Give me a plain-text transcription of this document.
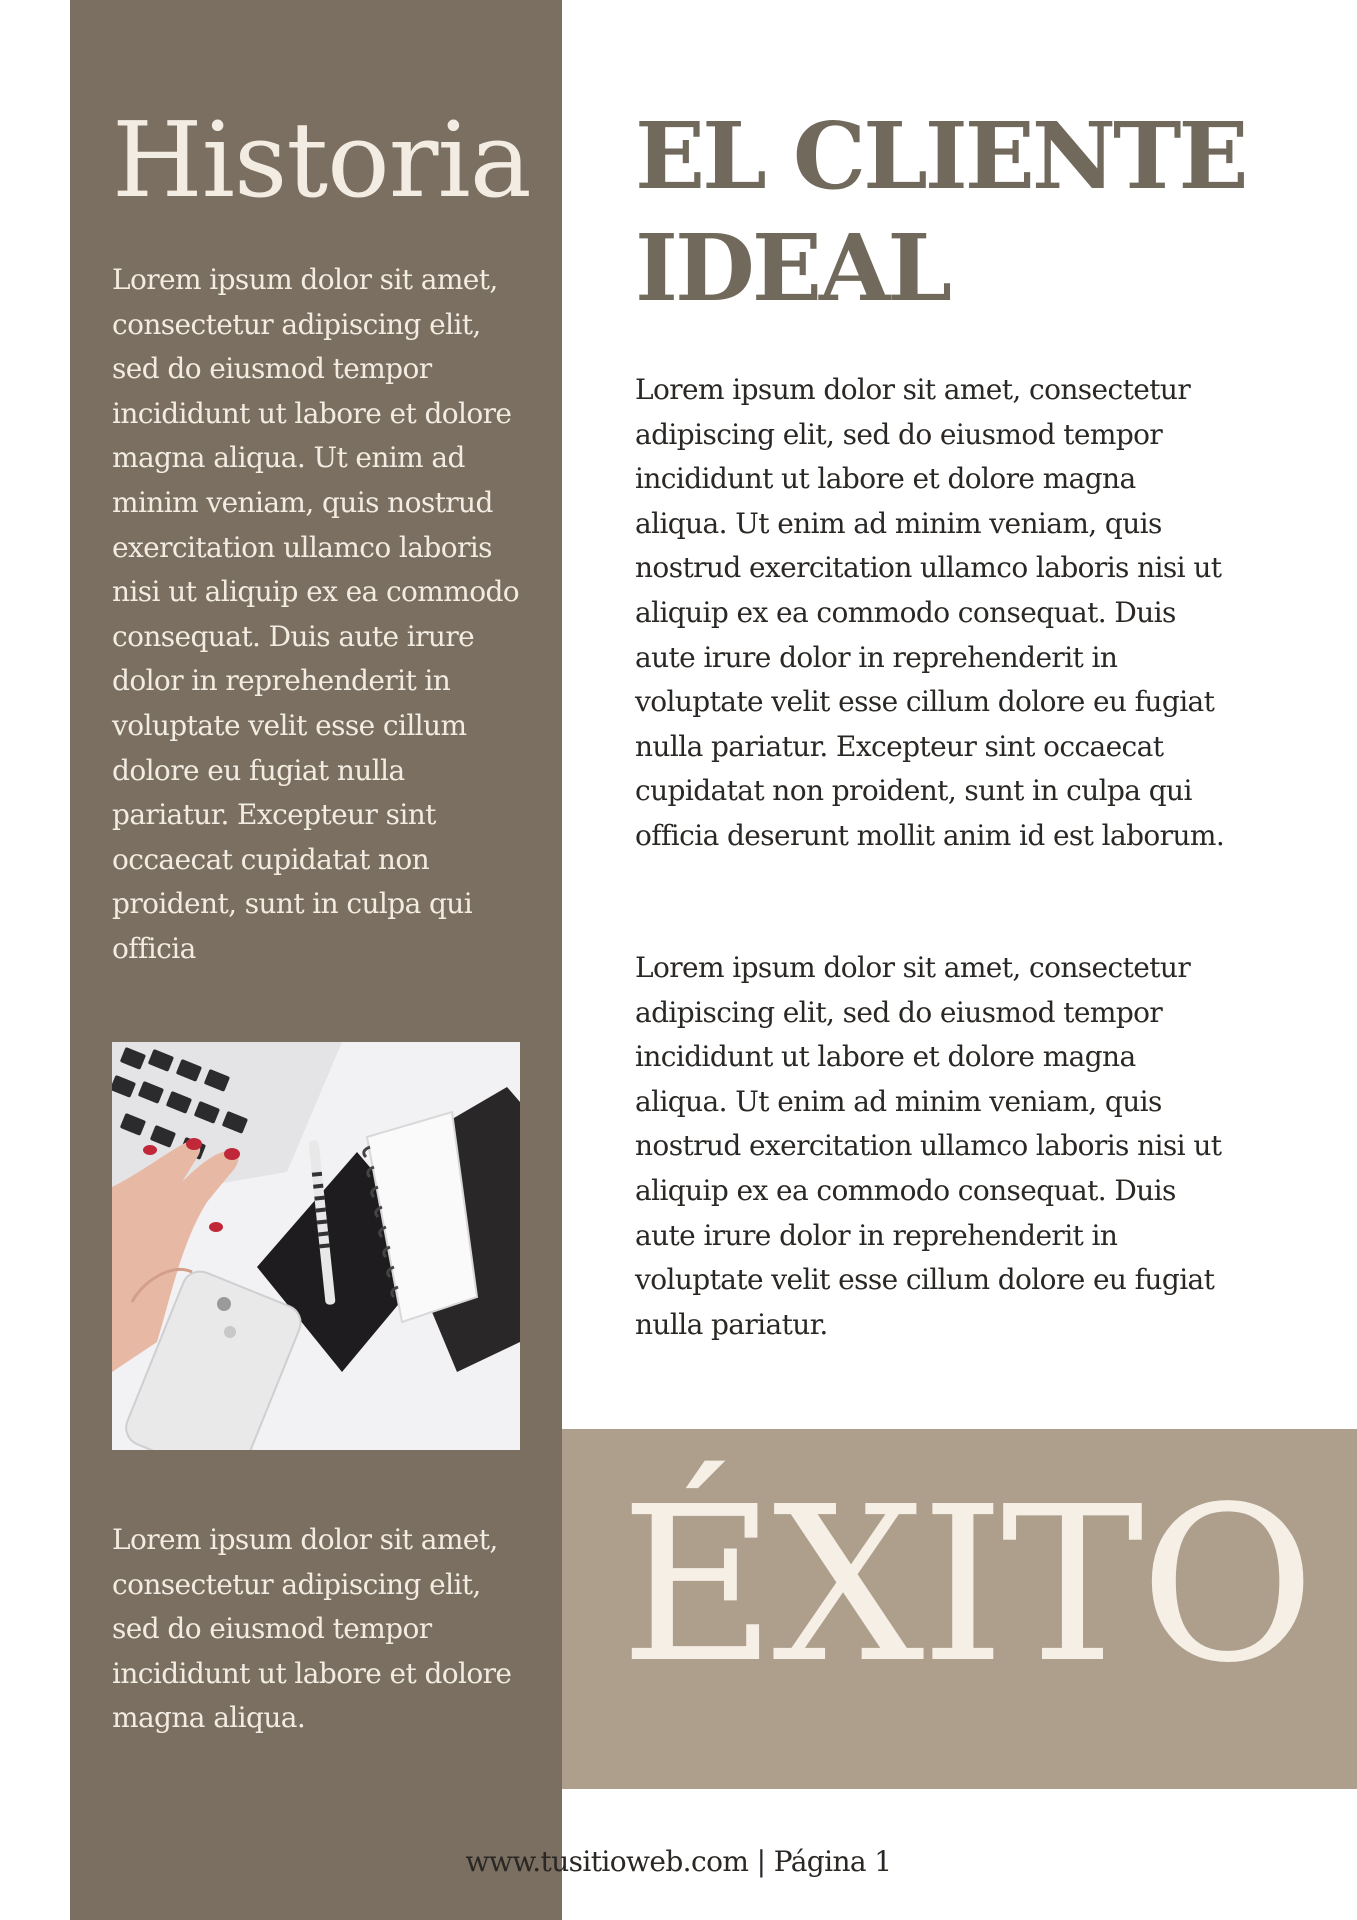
Historia

Lorem ipsum dolor sit amet, consectetur adipiscing elit, sed do eiusmod tempor incididunt ut labore et dolore magna aliqua. Ut enim ad minim veniam, quis nostrud exercitation ullamco laboris nisi ut aliquip ex ea commodo consequat. Duis aute irure dolor in reprehenderit in voluptate velit esse cillum dolore eu fugiat nulla pariatur. Excepteur sint occaecat cupidatat non proident, sunt in culpa qui officia

Lorem ipsum dolor sit amet, consectetur adipiscing elit, sed do eiusmod tempor incididunt ut labore et dolore magna aliqua.

EL CLIENTE IDEAL

Lorem ipsum dolor sit amet, consectetur adipiscing elit, sed do eiusmod tempor incididunt ut labore et dolore magna aliqua. Ut enim ad minim veniam, quis nostrud exercitation ullamco laboris nisi ut aliquip ex ea commodo consequat. Duis aute irure dolor in reprehenderit in voluptate velit esse cillum dolore eu fugiat nulla pariatur. Excepteur sint occaecat cupidatat non proident, sunt in culpa qui officia deserunt mollit anim id est laborum.

Lorem ipsum dolor sit amet, consectetur adipiscing elit, sed do eiusmod tempor incididunt ut labore et dolore magna aliqua. Ut enim ad minim veniam, quis nostrud exercitation ullamco laboris nisi ut aliquip ex ea commodo consequat. Duis aute irure dolor in reprehenderit in voluptate velit esse cillum dolore eu fugiat nulla pariatur.

ÉXITO

www.tusitioweb.com | Página 1
